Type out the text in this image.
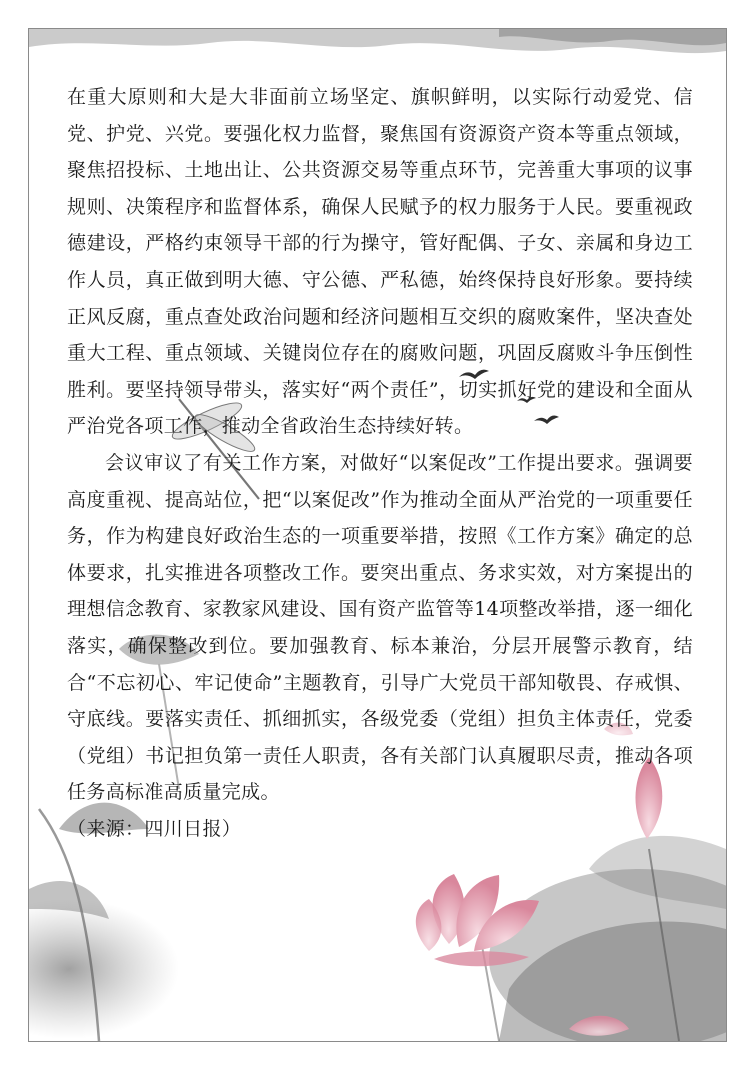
在重大原则和大是大非面前立场坚定、旗帜鲜明，以实际行动爱党、信党、护党、兴党。要强化权力监督，聚焦国有资源资产资本等重点领域，聚焦招投标、土地出让、公共资源交易等重点环节，完善重大事项的议事规则、决策程序和监督体系，确保人民赋予的权力服务于人民。要重视政德建设，严格约束领导干部的行为操守，管好配偶、子女、亲属和身边工作人员，真正做到明大德、守公德、严私德，始终保持良好形象。要持续正风反腐，重点查处政治问题和经济问题相互交织的腐败案件，坚决查处重大工程、重点领域、关键岗位存在的腐败问题，巩固反腐败斗争压倒性胜利。要坚持领导带头，落实好“两个责任”，切实抓好党的建设和全面从严治党各项工作，推动全省政治生态持续好转。

会议审议了有关工作方案，对做好“以案促改”工作提出要求。强调要高度重视、提高站位，把“以案促改”作为推动全面从严治党的一项重要任务，作为构建良好政治生态的一项重要举措，按照《工作方案》确定的总体要求，扎实推进各项整改工作。要突出重点、务求实效，对方案提出的理想信念教育、家教家风建设、国有资产监管等14项整改举措，逐一细化落实，确保整改到位。要加强教育、标本兼治，分层开展警示教育，结合“不忘初心、牢记使命”主题教育，引导广大党员干部知敬畏、存戒惧、守底线。要落实责任、抓细抓实，各级党委（党组）担负主体责任，党委（党组）书记担负第一责任人职责，各有关部门认真履职尽责，推动各项任务高标准高质量完成。

（来源：四川日报）
